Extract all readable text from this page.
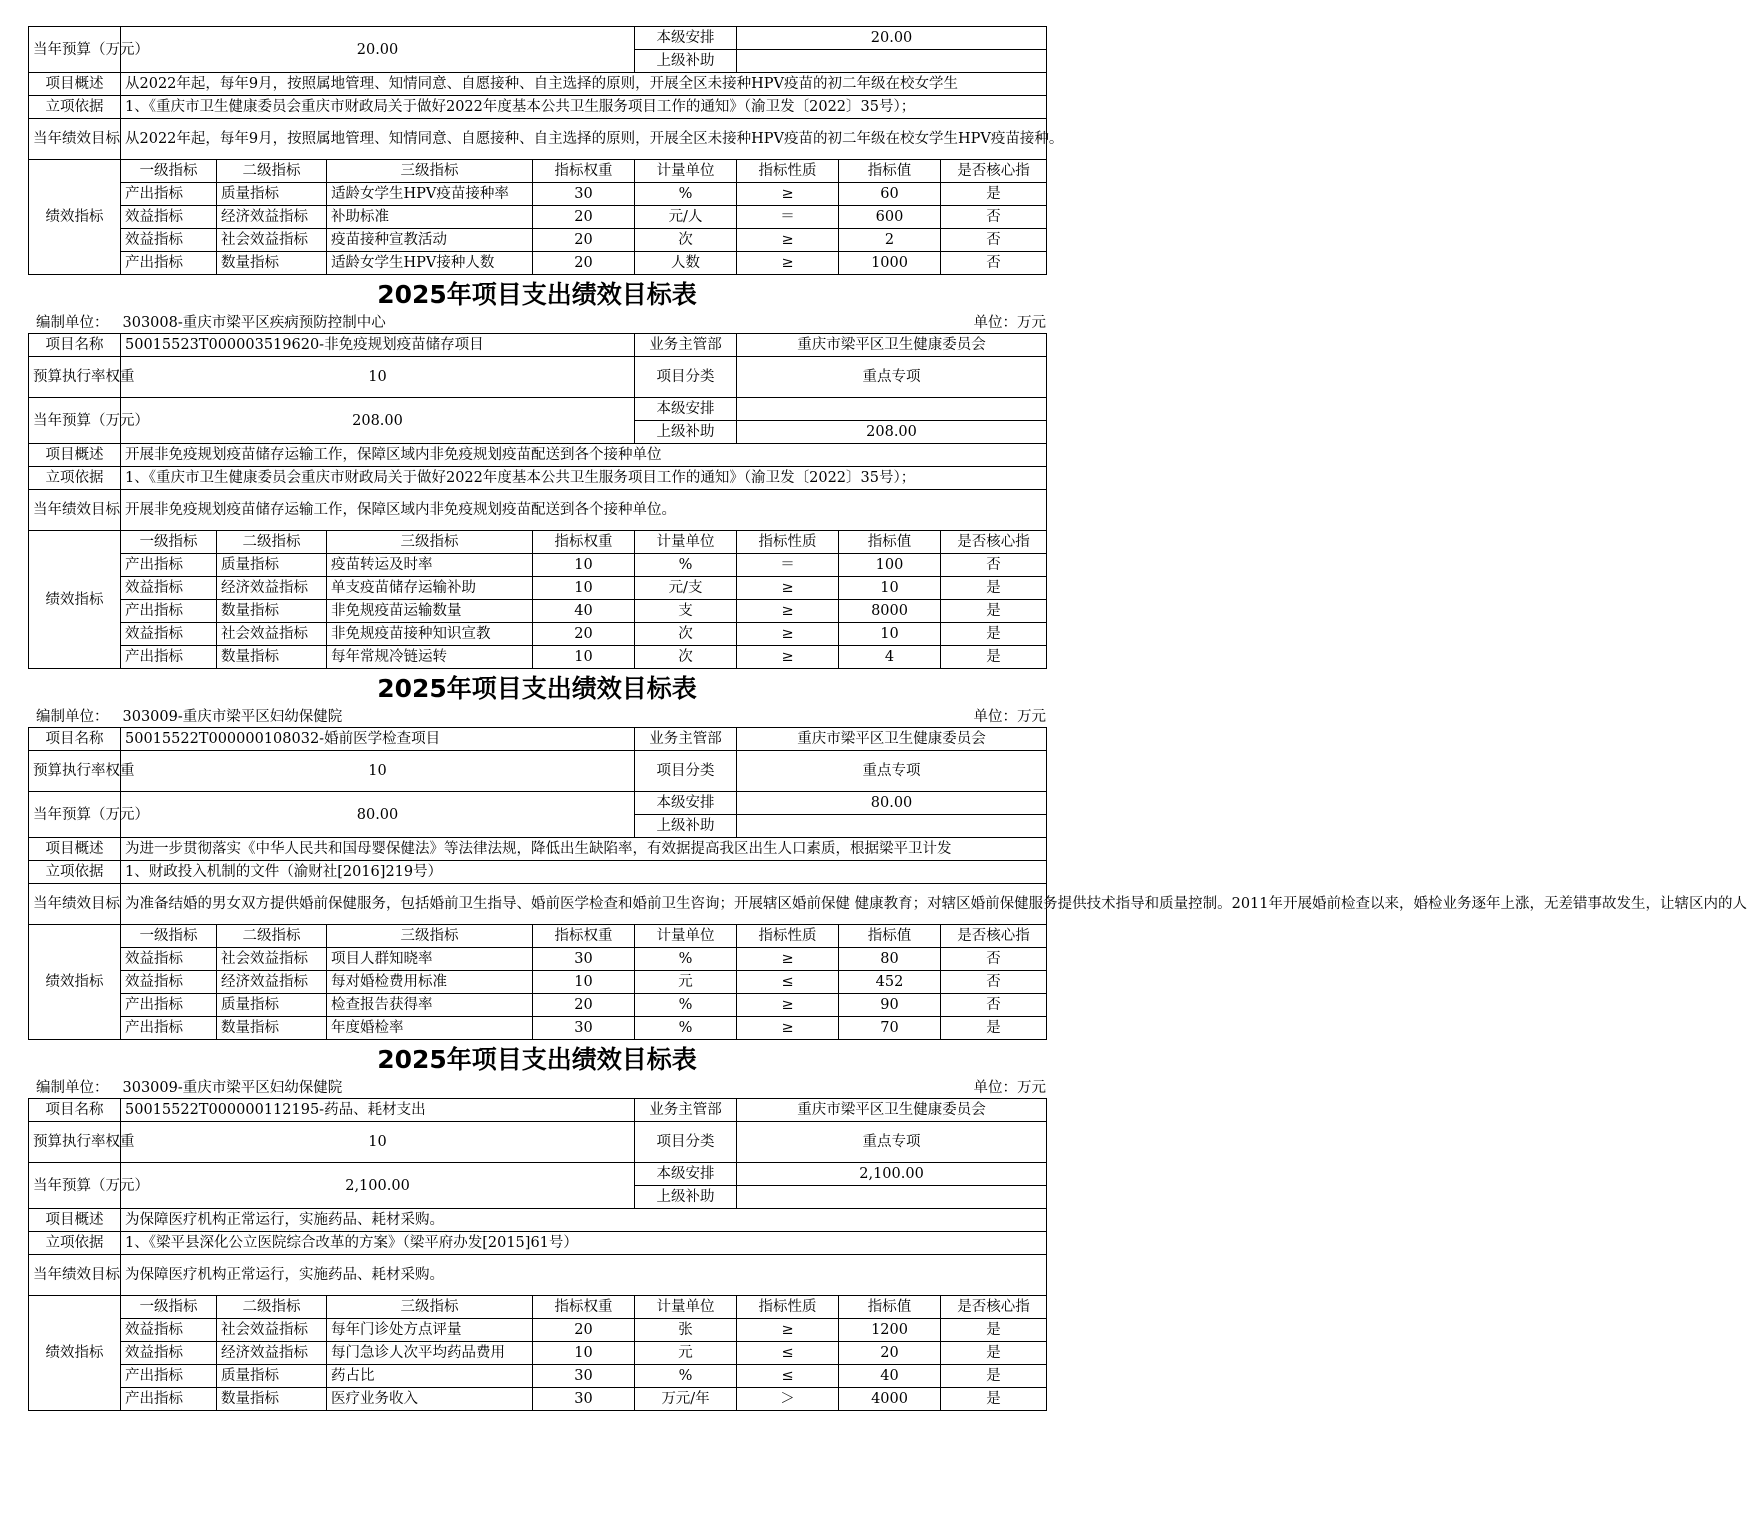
当年预算（万元）	20.00				本级安排	20.00		
					上级补助			
项目概述	从2022年起，每年9月，按照属地管理、知情同意、自愿接种、自主选择的原则，开展全区未接种HPV疫苗的初二年级在校女学生							
立项依据	1、《重庆市卫生健康委员会重庆市财政局关于做好2022年度基本公共卫生服务项目工作的通知》（渝卫发〔2022〕35号）；							
当年绩效目标	从2022年起，每年9月，按照属地管理、知情同意、自愿接种、自主选择的原则，开展全区未接种HPV疫苗的初二年级在校女学生HPV疫苗接种。							
绩效指标	一级指标	二级指标	三级指标	指标权重	计量单位	指标性质	指标值	是否核心指
	产出指标	质量指标	适龄女学生HPV疫苗接种率	30	%	≥	60	是
	效益指标	经济效益指标	补助标准	20	元/人	＝	600	否
	效益指标	社会效益指标	疫苗接种宣教活动	20	次	≥	2	否
	产出指标	数量指标	适龄女学生HPV接种人数	20	人数	≥	1000	否
2025年项目支出绩效目标表
编制单位： 303008-重庆市梁平区疾病预防控制中心	单位：万元
项目名称	50015523T000003519620-非免疫规划疫苗储存项目				业务主管部	重庆市梁平区卫生健康委员会		
预算执行率权重	10				项目分类	重点专项		
当年预算（万元）	208.00				本级安排			
					上级补助	208.00		
项目概述	开展非免疫规划疫苗储存运输工作，保障区域内非免疫规划疫苗配送到各个接种单位							
立项依据	1、《重庆市卫生健康委员会重庆市财政局关于做好2022年度基本公共卫生服务项目工作的通知》（渝卫发〔2022〕35号）；							
当年绩效目标	开展非免疫规划疫苗储存运输工作，保障区域内非免疫规划疫苗配送到各个接种单位。							
绩效指标	一级指标	二级指标	三级指标	指标权重	计量单位	指标性质	指标值	是否核心指
	产出指标	质量指标	疫苗转运及时率	10	%	＝	100	否
	效益指标	经济效益指标	单支疫苗储存运输补助	10	元/支	≥	10	是
	产出指标	数量指标	非免规疫苗运输数量	40	支	≥	8000	是
	效益指标	社会效益指标	非免规疫苗接种知识宣教	20	次	≥	10	是
	产出指标	数量指标	每年常规冷链运转	10	次	≥	4	是
2025年项目支出绩效目标表
编制单位： 303009-重庆市梁平区妇幼保健院	单位：万元
项目名称	50015522T000000108032-婚前医学检查项目				业务主管部	重庆市梁平区卫生健康委员会		
预算执行率权重	10				项目分类	重点专项		
当年预算（万元）	80.00				本级安排	80.00		
					上级补助			
项目概述	为进一步贯彻落实《中华人民共和国母婴保健法》等法律法规，降低出生缺陷率，有效据提高我区出生人口素质，根据梁平卫计发							
立项依据	1、财政投入机制的文件（渝财社[2016]219号）							
当年绩效目标	为准备结婚的男女双方提供婚前保健服务，包括婚前卫生指导、婚前医学检查和婚前卫生咨询；开展辖区婚前保健 健康教育；对辖区婚前保健服务提供技术指导和质量控制。2011年开展婚前检查以来，婚检业务逐年上涨，无差错事故发生，让辖区内的人							
绩效指标	一级指标	二级指标	三级指标	指标权重	计量单位	指标性质	指标值	是否核心指
	效益指标	社会效益指标	项目人群知晓率	30	%	≥	80	否
	效益指标	经济效益指标	每对婚检费用标准	10	元	≤	452	否
	产出指标	质量指标	检查报告获得率	20	%	≥	90	否
	产出指标	数量指标	年度婚检率	30	%	≥	70	是
2025年项目支出绩效目标表
编制单位： 303009-重庆市梁平区妇幼保健院	单位：万元
项目名称	50015522T000000112195-药品、耗材支出				业务主管部	重庆市梁平区卫生健康委员会		
预算执行率权重	10				项目分类	重点专项		
当年预算（万元）	2,100.00				本级安排	2,100.00		
					上级补助			
项目概述	为保障医疗机构正常运行，实施药品、耗材采购。							
立项依据	1、《梁平县深化公立医院综合改革的方案》（梁平府办发[2015]61号）							
当年绩效目标	为保障医疗机构正常运行，实施药品、耗材采购。							
绩效指标	一级指标	二级指标	三级指标	指标权重	计量单位	指标性质	指标值	是否核心指
	效益指标	社会效益指标	每年门诊处方点评量	20	张	≥	1200	是
	效益指标	经济效益指标	每门急诊人次平均药品费用	10	元	≤	20	是
	产出指标	质量指标	药占比	30	%	≤	40	是
	产出指标	数量指标	医疗业务收入	30	万元/年	＞	4000	是
